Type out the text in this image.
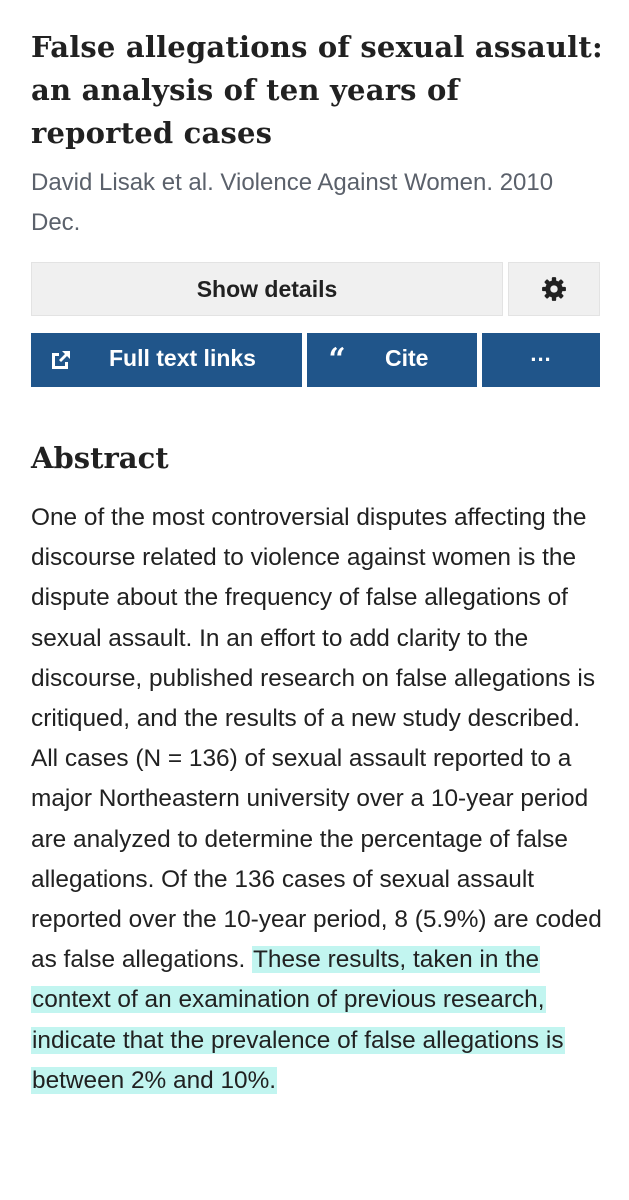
False allegations of sexual assault: an analysis of ten years of reported cases

David Lisak et al. Violence Against Women. 2010 Dec.

Show details
Full text links “ Cite	...
Abstract

One of the most controversial disputes affecting the discourse related to violence against women is the dispute about the frequency of false allegations of sexual assault. In an effort to add clarity to the discourse, published research on false allegations is critiqued, and the results of a new study described. All cases (N = 136) of sexual assault reported to a major Northeastern university over a 10-year period are analyzed to determine the percentage of false allegations. Of the 136 cases of sexual assault reported over the 10-year period, 8 (5.9%) are coded as false allegations. These results, taken in the context of an examination of previous research, indicate that the prevalence of false allegations is between 2% and 10%.
